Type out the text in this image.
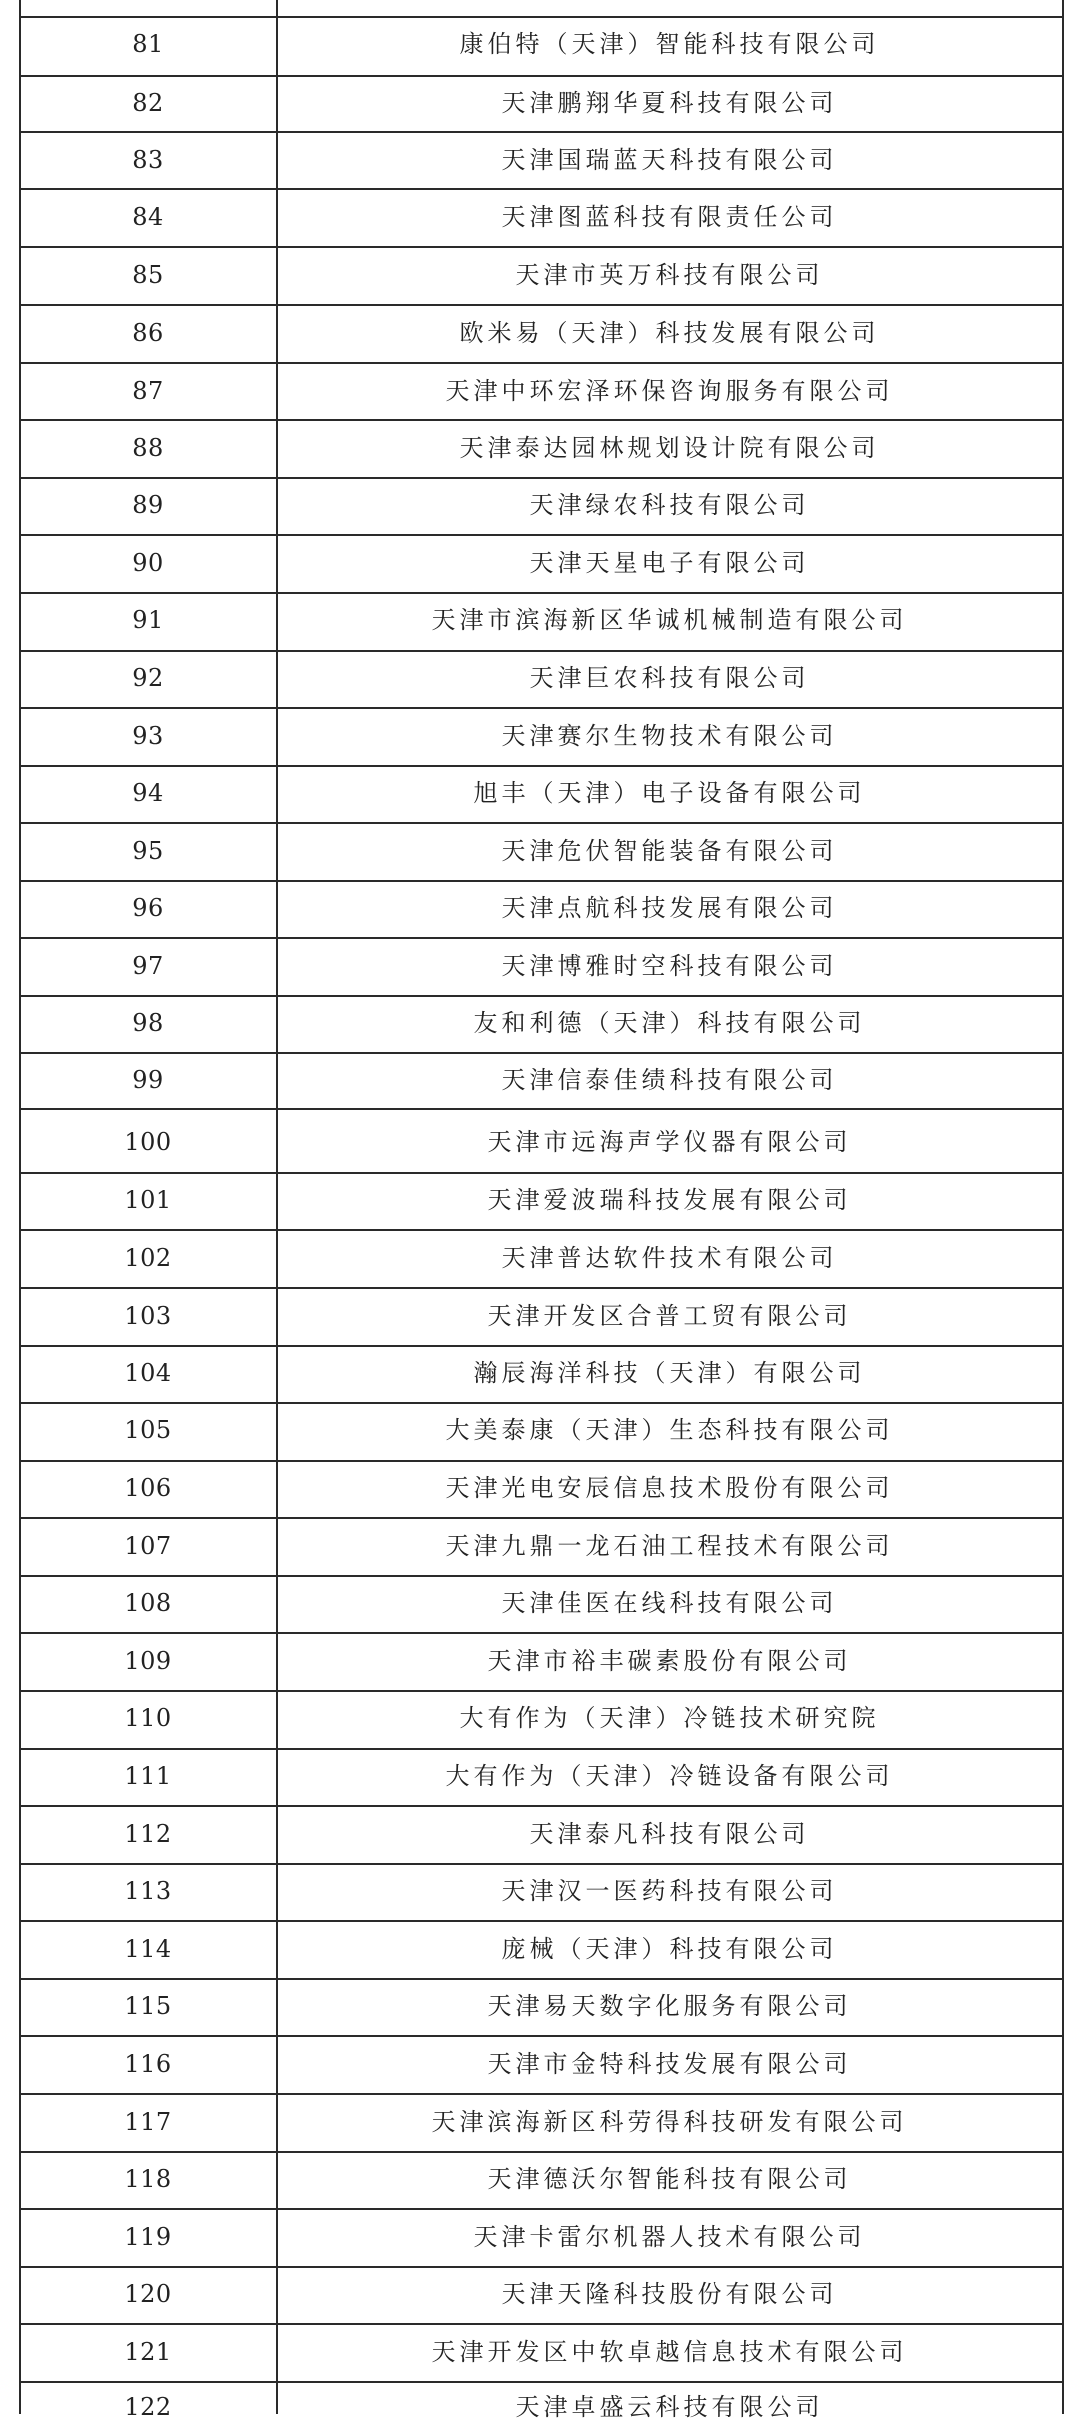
81	康伯特（天津）智能科技有限公司
82	天津鹏翔华夏科技有限公司
83	天津国瑞蓝天科技有限公司
84	天津图蓝科技有限责任公司
85	天津市英万科技有限公司
86	欧米易（天津）科技发展有限公司
87	天津中环宏泽环保咨询服务有限公司
88	天津泰达园林规划设计院有限公司
89	天津绿农科技有限公司
90	天津天星电子有限公司
91	天津市滨海新区华诚机械制造有限公司
92	天津巨农科技有限公司
93	天津赛尔生物技术有限公司
94	旭丰（天津）电子设备有限公司
95	天津危伏智能装备有限公司
96	天津点航科技发展有限公司
97	天津博雅时空科技有限公司
98	友和利德（天津）科技有限公司
99	天津信泰佳绩科技有限公司
100	天津市远海声学仪器有限公司
101	天津爱波瑞科技发展有限公司
102	天津普达软件技术有限公司
103	天津开发区合普工贸有限公司
104	瀚辰海洋科技（天津）有限公司
105	大美泰康（天津）生态科技有限公司
106	天津光电安辰信息技术股份有限公司
107	天津九鼎一龙石油工程技术有限公司
108	天津佳医在线科技有限公司
109	天津市裕丰碳素股份有限公司
110	大有作为（天津）冷链技术研究院
111	大有作为（天津）冷链设备有限公司
112	天津泰凡科技有限公司
113	天津汉一医药科技有限公司
114	庞械（天津）科技有限公司
115	天津易天数字化服务有限公司
116	天津市金特科技发展有限公司
117	天津滨海新区科劳得科技研发有限公司
118	天津德沃尔智能科技有限公司
119	天津卡雷尔机器人技术有限公司
120	天津天隆科技股份有限公司
121	天津开发区中软卓越信息技术有限公司
122	天津卓盛云科技有限公司
